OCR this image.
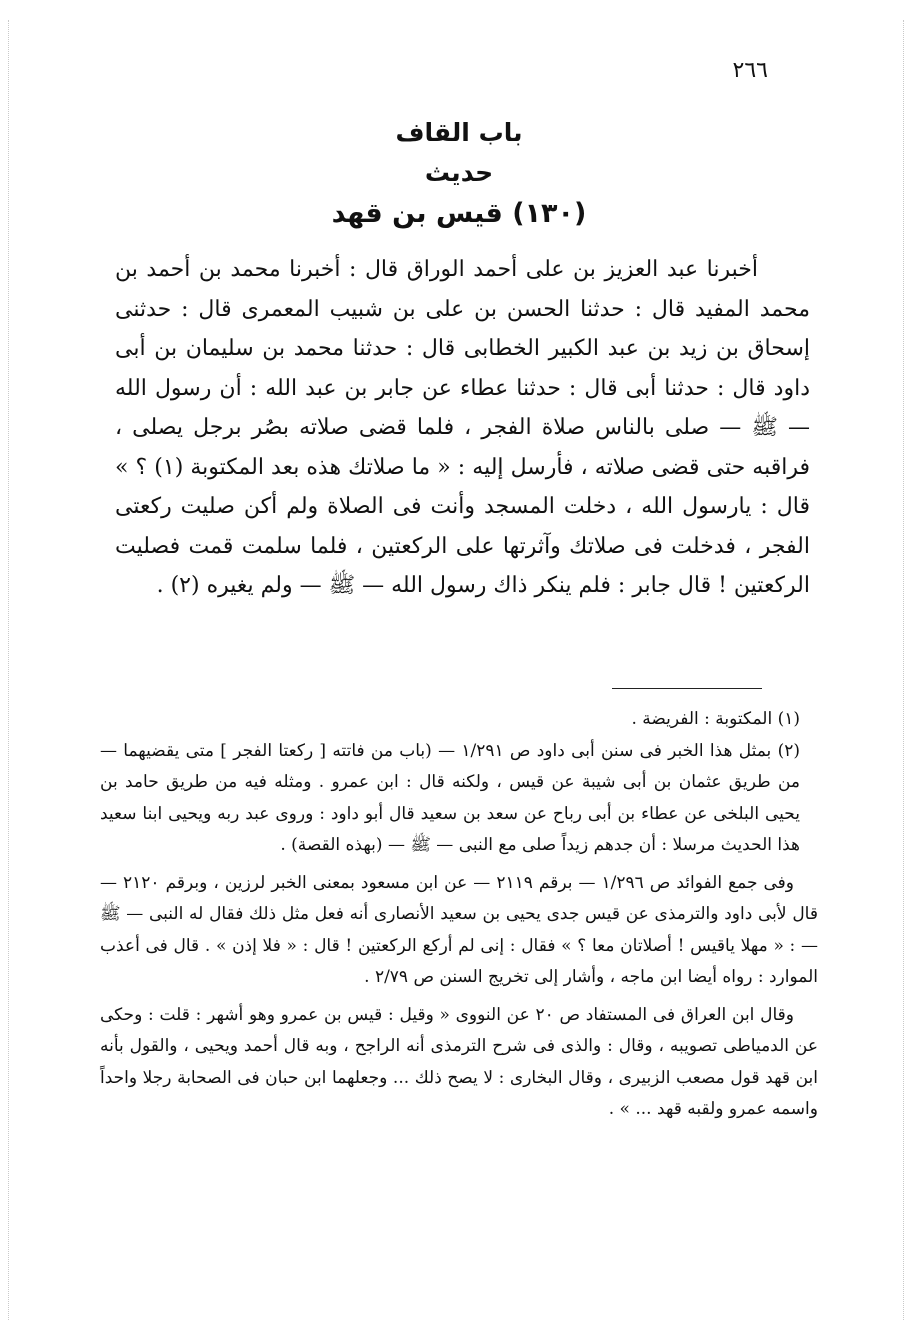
٢٦٦
باب القاف
حديث
(١٣٠) قيس بن قهد

أخبرنا عبد العزيز بن على أحمد الوراق قال : أخبرنا محمد بن أحمد بن محمد المفيد قال : حدثنا الحسن بن على بن شبيب المعمرى قال : حدثنى إسحاق بن زيد بن عبد الكبير الخطابى قال : حدثنا محمد بن سليمان بن أبى داود قال : حدثنا أبى قال : حدثنا عطاء عن جابر بن عبد الله : أن رسول الله — ﷺ — صلى بالناس صلاة الفجر ، فلما قضى صلاته بصُر برجل يصلى ، فراقبه حتى قضى صلاته ، فأرسل إليه : « ما صلاتك هذه بعد المكتوبة (١) ؟ » قال : يارسول الله ، دخلت المسجد وأنت فى الصلاة ولم أكن صليت ركعتى الفجر ، فدخلت فى صلاتك وآثرتها على الركعتين ، فلما سلمت قمت فصليت الركعتين ! قال جابر : فلم ينكر ذاك رسول الله — ﷺ — ولم يغيره (٢) .

(١) المكتوبة : الفريضة .

(٢) بمثل هذا الخبر فى سنن أبى داود ص ١/٢٩١ — (باب من فاتته [ ركعتا الفجر ] متى يقضيهما — من طريق عثمان بن أبى شيبة عن قيس ، ولكنه قال : ابن عمرو . ومثله فيه من طريق حامد بن يحيى البلخى عن عطاء بن أبى رباح عن سعد بن سعيد قال أبو داود : وروى عبد ربه ويحيى ابنا سعيد هذا الحديث مرسلا : أن جدهم زيداً صلى مع النبى — ﷺ — (بهذه القصة) .

وفى جمع الفوائد ص ١/٢٩٦ — برقم ٢١١٩ — عن ابن مسعود بمعنى الخبر لرزين ، وبرقم ٢١٢٠ — قال لأبى داود والترمذى عن قيس جدى يحيى بن سعيد الأنصارى أنه فعل مثل ذلك فقال له النبى — ﷺ — : « مهلا ياقيس ! أصلاتان معا ؟ » فقال : إنى لم أركع الركعتين ! قال : « فلا إذن » . قال فى أعذب الموارد : رواه أيضا ابن ماجه ، وأشار إلى تخريج السنن ص ٢/٧٩ .

وقال ابن العراق فى المستفاد ص ٢٠ عن النووى « وقيل : قيس بن عمرو وهو أشهر : قلت : وحكى عن الدمياطى تصويبه ، وقال : والذى فى شرح الترمذى أنه الراجح ، وبه قال أحمد ويحيى ، والقول بأنه ابن قهد قول مصعب الزبيرى ، وقال البخارى : لا يصح ذلك ... وجعلهما ابن حبان فى الصحابة رجلا واحداً واسمه عمرو ولقبه قهد ... » .
